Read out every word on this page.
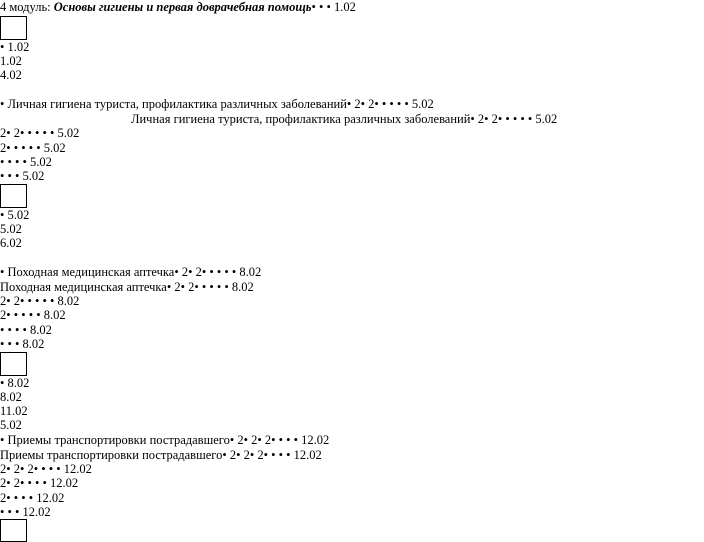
4 модуль: Основы гигиены и первая доврачебная помощь• • • 1.02
• 1.02
1.02
4.02
• Личная гигиена туриста, профилактика различных заболеваний• 2• 2• • • • • 5.02
Личная гигиена туриста, профилактика различных заболеваний• 2• 2• • • • • 5.02
2• 2• • • • • 5.02
2• • • • • 5.02
• • • • 5.02
• • • 5.02
• 5.02
5.02
6.02
• Походная медицинская аптечка• 2• 2• • • • • 8.02
Походная медицинская аптечка• 2• 2• • • • • 8.02
2• 2• • • • • 8.02
2• • • • • 8.02
• • • • 8.02
• • • 8.02
• 8.02
8.02
11.02
5.02
• Приемы транспортировки пострадавшего• 2• 2• 2• • • • 12.02
Приемы транспортировки пострадавшего• 2• 2• 2• • • • 12.02
2• 2• 2• • • • 12.02
2• 2• • • • 12.02
2• • • • 12.02
• • • 12.02
